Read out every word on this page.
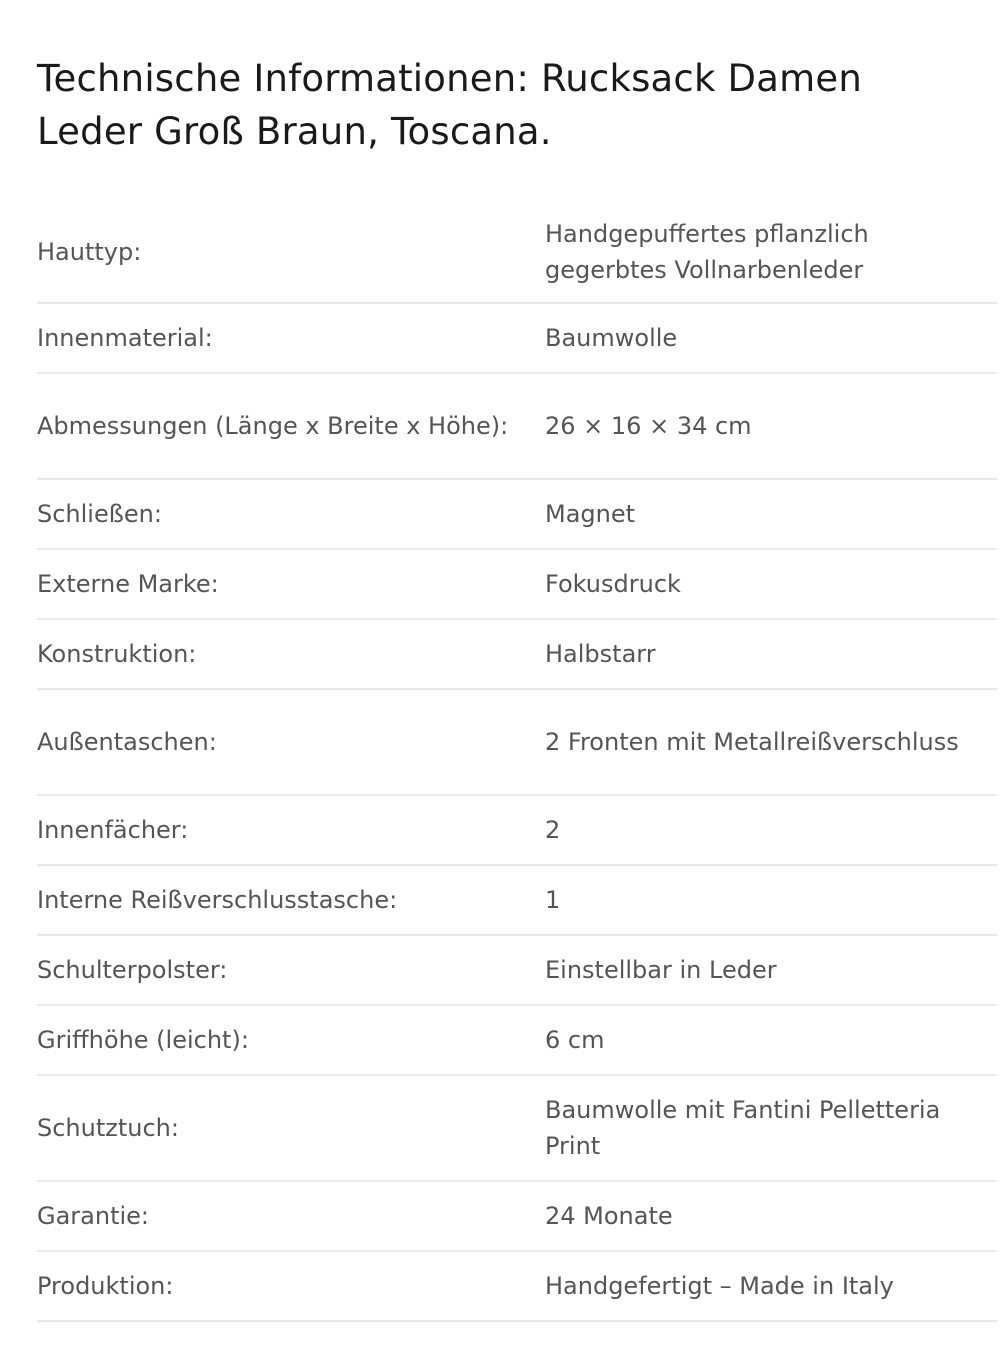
Technische Informationen: Rucksack Damen Leder Groß Braun, Toscana.
Hauttyp:
Handgepuffertes pflanzlich gegerbtes Vollnarbenleder
Innenmaterial:	Baumwolle
Abmessungen (Länge x Breite x Höhe):	26 × 16 × 34 cm
Schließen:	Magnet
Externe Marke:	Fokusdruck
Konstruktion:	Halbstarr
Außentaschen:	2 Fronten mit Metallreißverschluss
Innenfächer:	2
Interne Reißverschlusstasche:	1
Schulterpolster:	Einstellbar in Leder
Griffhöhe (leicht):	6 cm
Schutztuch:
Baumwolle mit Fantini Pelletteria Print
Garantie:	24 Monate
Produktion:	Handgefertigt – Made in Italy
